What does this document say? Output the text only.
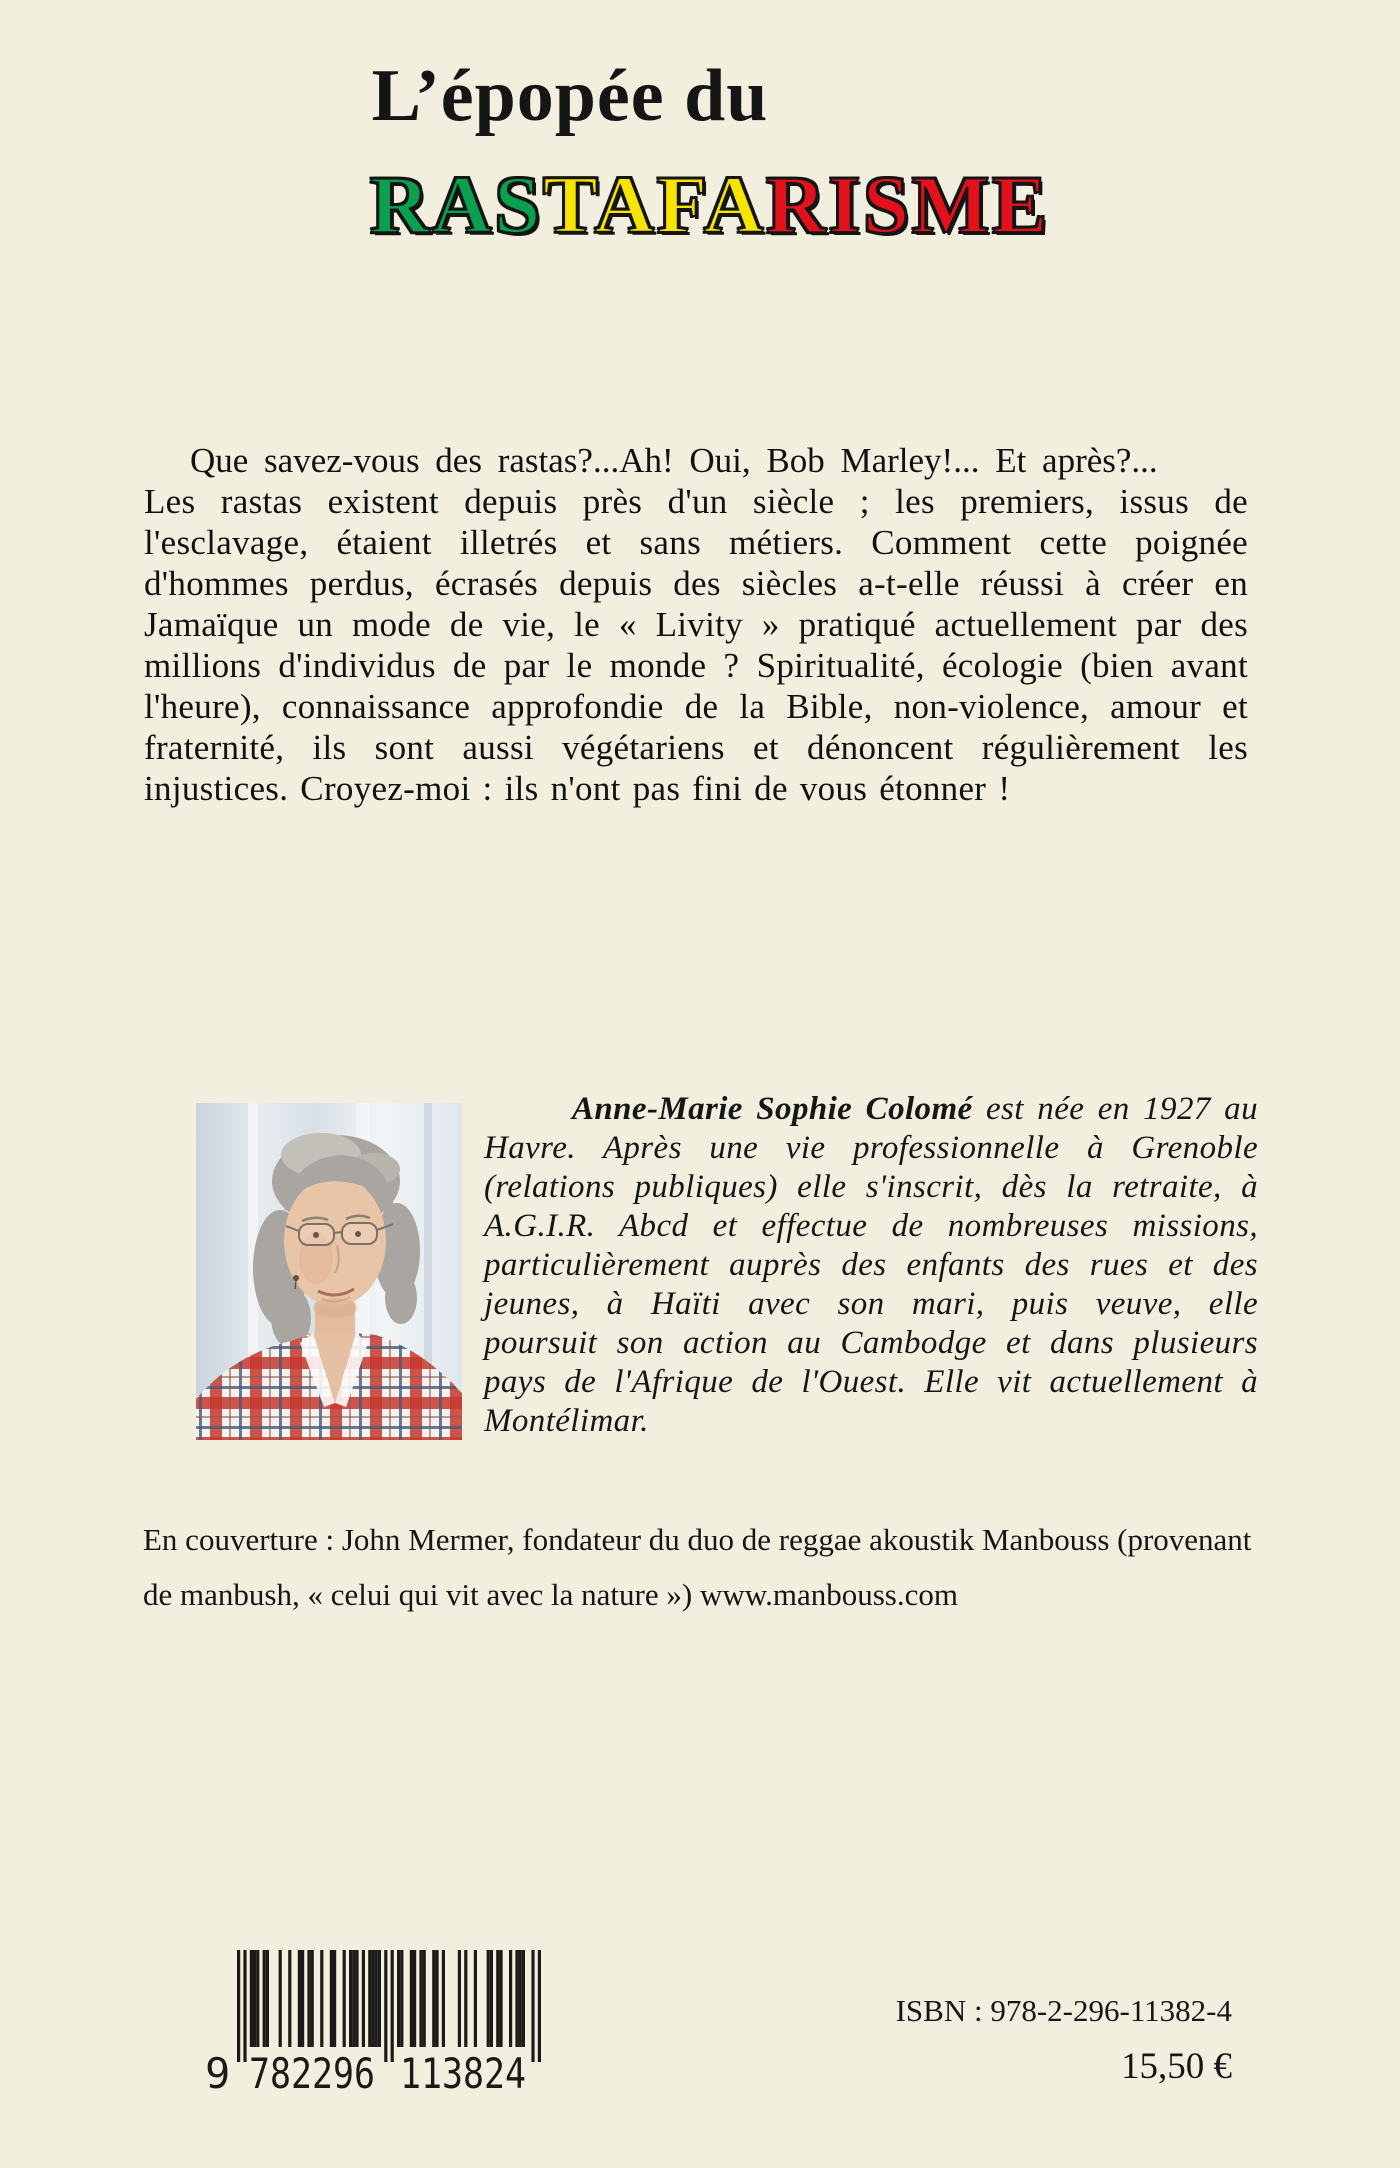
L’épopée du
RASTAFARISME

Que savez-vous des rastas?...Ah! Oui, Bob Marley!... Et après?...

Les rastas existent depuis près d'un siècle ; les premiers, issus de l'esclavage, étaient illetrés et sans métiers. Comment cette poignée d'hommes perdus, écrasés depuis des siècles a-t-elle réussi à créer en Jamaïque un mode de vie, le « Livity » pratiqué actuellement par des millions d'individus de par le monde ? Spiritualité, écologie (bien avant l'heure), connaissance approfondie de la Bible, non-violence, amour et fraternité, ils sont aussi végétariens et dénoncent régulièrement les injustices. Croyez-moi : ils n'ont pas fini de vous étonner !

Anne-Marie Sophie Colomé est née en 1927 au Havre. Après une vie professionnelle à Grenoble (relations publiques) elle s'inscrit, dès la retraite, à A.G.I.R. Abcd et effectue de nombreuses missions, particulièrement auprès des enfants des rues et des jeunes, à Haïti avec son mari, puis veuve, elle poursuit son action au Cambodge et dans plusieurs pays de l'Afrique de l'Ouest. Elle vit actuellement à Montélimar.

En couverture : John Mermer, fondateur du duo de reggae akoustik Manbouss (provenant de manbush, « celui qui vit avec la nature ») www.manbouss.com
9 782296 113824
ISBN : 978-2-296-11382-4
15,50 €
